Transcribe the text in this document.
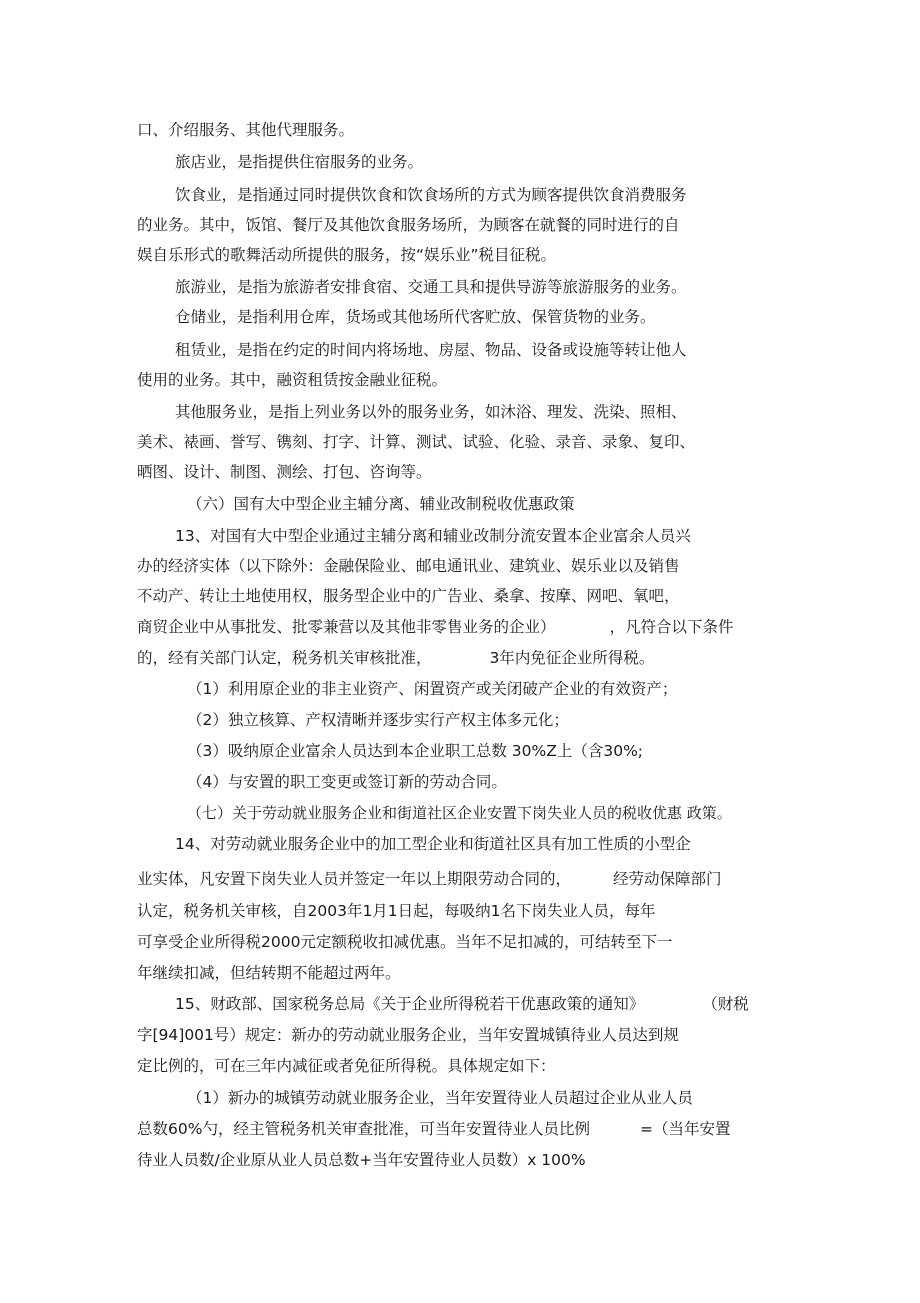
口、介绍服务、其他代理服务。
旅店业，是指提供住宿服务的业务。
饮食业，是指通过同时提供饮食和饮食场所的方式为顾客提供饮食消费服务
的业务。其中，饭馆、餐厅及其他饮食服务场所，为顾客在就餐的同时进行的自
娱自乐形式的歌舞活动所提供的服务，按“娱乐业”税目征税。
旅游业，是指为旅游者安排食宿、交通工具和提供导游等旅游服务的业务。
仓储业，是指利用仓库，货场或其他场所代客贮放、保管货物的业务。
租赁业，是指在约定的时间内将场地、房屋、物品、设备或设施等转让他人
使用的业务。其中，融资租赁按金融业征税。
其他服务业，是指上列业务以外的服务业务，如沐浴、理发、洗染、照相、
美术、裱画、誉写、镌刻、打字、计算、测试、试验、化验、录音、录象、复印、
晒图、设计、制图、测绘、打包、咨询等。
（六）国有大中型企业主辅分离、辅业改制税收优惠政策
13、对国有大中型企业通过主辅分离和辅业改制分流安置本企业富余人员兴
办的经济实体（以下除外：金融保险业、邮电通讯业、建筑业、娱乐业以及销售
不动产、转让土地使用权，服务型企业中的广告业、桑拿、按摩、网吧、氧吧，
商贸企业中从事批发、批零兼营以及其他非零售业务的企业）	，凡符合以下条件
的，经有关部门认定，税务机关审核批准，	3年内免征企业所得税。
（1）利用原企业的非主业资产、闲置资产或关闭破产企业的有效资产；
（2）独立核算、产权清晰并逐步实行产权主体多元化；
（3）吸纳原企业富余人员达到本企业职工总数 30%Z上（含30%;
（4）与安置的职工变更或签订新的劳动合同。
（七）关于劳动就业服务企业和街道社区企业安置下岗失业人员的税收优惠 政策。
14、对劳动就业服务企业中的加工型企业和街道社区具有加工性质的小型企
业实体，凡安置下岗失业人员并签定一年以上期限劳动合同的，	经劳动保障部门
认定，税务机关审核，自2003年1月1日起，每吸纳1名下岗失业人员，每年
可享受企业所得税2000元定额税收扣减优惠。当年不足扣减的，可结转至下一
年继续扣减，但结转期不能超过两年。
15、财政部、国家税务总局《关于企业所得税若干优惠政策的通知》	（财税
字[94]001号）规定：新办的劳动就业服务企业，当年安置城镇待业人员达到规
定比例的，可在三年内减征或者免征所得税。具体规定如下：
（1）新办的城镇劳动就业服务企业，当年安置待业人员超过企业从业人员
总数60%勺，经主管税务机关审查批准，可当年安置待业人员比例	=（当年安置
待业人员数/企业原从业人员总数+当年安置待业人员数）x 100%
